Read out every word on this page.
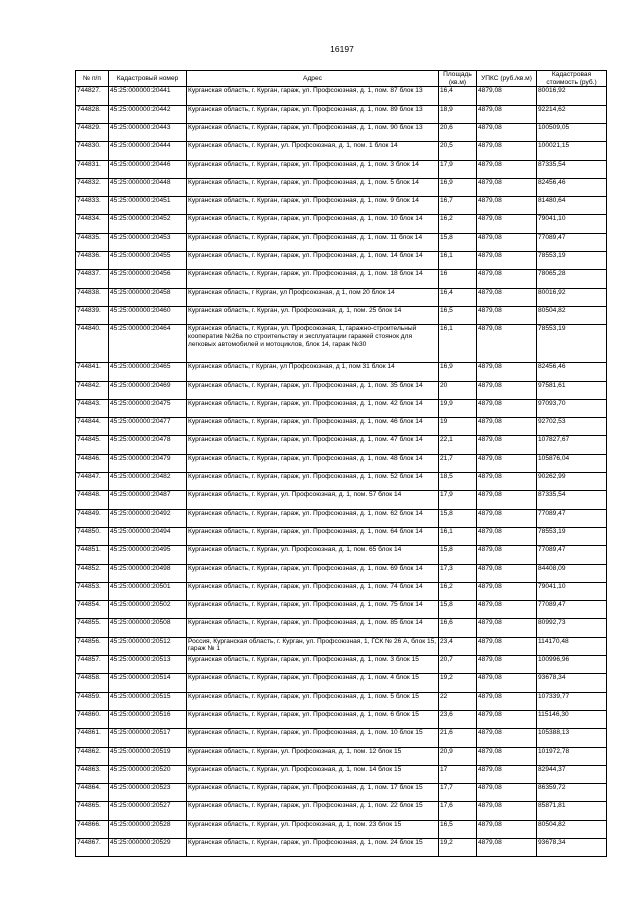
16197
№ п/п	Кадастровый номер	Адрес	Площадь (кв.м)	УПКС (руб./кв.м)	Кадастровая стоимость (руб.)
744827.	45:25:000000:20441	Курганская область, г. Курган, гараж, ул. Профсоюзная, д. 1, пом. 87 блок 13	16,4	4879,08	80016,92
744828.	45:25:000000:20442	Курганская область, г. Курган, гараж, ул. Профсоюзная, д. 1, пом. 89 блок 13	18,9	4879,08	92214,62
744829.	45:25:000000:20443	Курганская область, г. Курган, гараж, ул. Профсоюзная, д. 1, пом. 90 блок 13	20,6	4879,08	100509,05
744830.	45:25:000000:20444	Курганская область, г. Курган, ул. Профсоюзная, д. 1, пом. 1 блок 14	20,5	4879,08	100021,15
744831.	45:25:000000:20446	Курганская область, г. Курган, гараж, ул. Профсоюзная, д. 1, пом. 3 блок 14	17,9	4879,08	87335,54
744832.	45:25:000000:20448	Курганская область, г. Курган, гараж, ул. Профсоюзная, д. 1, пом. 5 блок 14	16,9	4879,08	82456,46
744833.	45:25:000000:20451	Курганская область, г. Курган, гараж, ул. Профсоюзная, д. 1, пом. 9 блок 14	16,7	4879,08	81480,64
744834.	45:25:000000:20452	Курганская область, г. Курган, гараж, ул. Профсоюзная, д. 1, пом. 10 блок 14	16,2	4879,08	79041,10
744835.	45:25:000000:20453	Курганская область, г. Курган, гараж, ул. Профсоюзная, д. 1, пом. 11 блок 14	15,8	4879,08	77089,47
744836.	45:25:000000:20455	Курганская область, г. Курган, гараж, ул. Профсоюзная, д. 1, пом. 14 блок 14	16,1	4879,08	78553,19
744837.	45:25:000000:20456	Курганская область, г. Курган, гараж, ул. Профсоюзная, д. 1, пом. 18 блок 14	16	4879,08	78065,28
744838.	45:25:000000:20458	Курганская область, г Курган, ул Профсоюзная, д 1, пом 20 блок 14	16,4	4879,08	80016,92
744839.	45:25:000000:20460	Курганская область, г. Курган, ул. Профсоюзная, д. 1, пом. 25 блок 14	16,5	4879,08	80504,82
744840.	45:25:000000:20464	Курганская область, г. Курган, ул. Профсоюзная, 1, гаражно-строительный кооператив №26а по строительству и эксплуатации гаражей стоянок для легковых автомобилей и мотоциклов, блок 14, гараж №30	16,1	4879,08	78553,19
744841.	45:25:000000:20465	Курганская область, г Курган, ул Профсоюзная, д 1, пом 31 блок 14	16,9	4879,08	82456,46
744842.	45:25:000000:20469	Курганская область, г. Курган, гараж, ул. Профсоюзная, д. 1, пом. 35 блок 14	20	4879,08	97581,61
744843.	45:25:000000:20475	Курганская область, г. Курган, гараж, ул. Профсоюзная, д. 1, пом. 42 блок 14	19,9	4879,08	97093,70
744844.	45:25:000000:20477	Курганская область, г. Курган, гараж, ул. Профсоюзная, д. 1, пом. 46 блок 14	19	4879,08	92702,53
744845.	45:25:000000:20478	Курганская область, г. Курган, гараж, ул. Профсоюзная, д. 1, пом. 47 блок 14	22,1	4879,08	107827,67
744846.	45:25:000000:20479	Курганская область, г. Курган, гараж, ул. Профсоюзная, д. 1, пом. 48 блок 14	21,7	4879,08	105876,04
744847.	45:25:000000:20482	Курганская область, г. Курган, гараж, ул. Профсоюзная, д. 1, пом. 52 блок 14	18,5	4879,08	90262,99
744848.	45:25:000000:20487	Курганская область, г. Курган, ул. Профсоюзная, д. 1, пом. 57 блок 14	17,9	4879,08	87335,54
744849.	45:25:000000:20492	Курганская область, г. Курган, гараж, ул. Профсоюзная, д. 1, пом. 62 блок 14	15,8	4879,08	77089,47
744850.	45:25:000000:20494	Курганская область, г. Курган, гараж, ул. Профсоюзная, д. 1, пом. 64 блок 14	16,1	4879,08	78553,19
744851.	45:25:000000:20495	Курганская область, г. Курган, ул. Профсоюзная, д. 1, пом. 65 блок 14	15,8	4879,08	77089,47
744852.	45:25:000000:20498	Курганская область, г. Курган, гараж, ул. Профсоюзная, д. 1, пом. 69 блок 14	17,3	4879,08	84408,09
744853.	45:25:000000:20501	Курганская область, г. Курган, гараж, ул. Профсоюзная, д. 1, пом. 74 блок 14	16,2	4879,08	79041,10
744854.	45:25:000000:20502	Курганская область, г. Курган, гараж, ул. Профсоюзная, д. 1, пом. 75 блок 14	15,8	4879,08	77089,47
744855.	45:25:000000:20508	Курганская область, г. Курган, гараж, ул. Профсоюзная, д. 1, пом. 85 блок 14	16,6	4879,08	80992,73
744856.	45:25:000000:20512	Россия, Курганская область, г. Курган, ул. Профсоюзная, 1, ГСК № 26 А, блок 15, гараж № 1	23,4	4879,08	114170,48
744857.	45:25:000000:20513	Курганская область, г. Курган, гараж, ул. Профсоюзная, д. 1, пом. 3 блок 15	20,7	4879,08	100996,96
744858.	45:25:000000:20514	Курганская область, г. Курган, гараж, ул. Профсоюзная, д. 1, пом. 4 блок 15	19,2	4879,08	93678,34
744859.	45:25:000000:20515	Курганская область, г. Курган, гараж, ул. Профсоюзная, д. 1, пом. 5 блок 15	22	4879,08	107339,77
744860.	45:25:000000:20516	Курганская область, г. Курган, гараж, ул. Профсоюзная, д. 1, пом. 6 блок 15	23,6	4879,08	115146,30
744861.	45:25:000000:20517	Курганская область, г. Курган, гараж, ул. Профсоюзная, д. 1, пом. 10 блок 15	21,6	4879,08	105388,13
744862.	45:25:000000:20519	Курганская область, г. Курган, ул. Профсоюзная, д. 1, пом. 12 блок 15	20,9	4879,08	101972,78
744863.	45:25:000000:20520	Курганская область, г. Курган, ул. Профсоюзная, д. 1, пом. 14 блок 15	17	4879,08	82944,37
744864.	45:25:000000:20523	Курганская область, г. Курган, гараж, ул. Профсоюзная, д. 1, пом. 17 блок 15	17,7	4879,08	86359,72
744865.	45:25:000000:20527	Курганская область, г. Курган, гараж, ул. Профсоюзная, д. 1, пом. 22 блок 15	17,6	4879,08	85871,81
744866.	45:25:000000:20528	Курганская область, г. Курган, ул. Профсоюзная, д. 1, пом. 23 блок 15	16,5	4879,08	80504,82
744867.	45:25:000000:20529	Курганская область, г. Курган, гараж, ул. Профсоюзная, д. 1, пом. 24 блок 15	19,2	4879,08	93678,34
